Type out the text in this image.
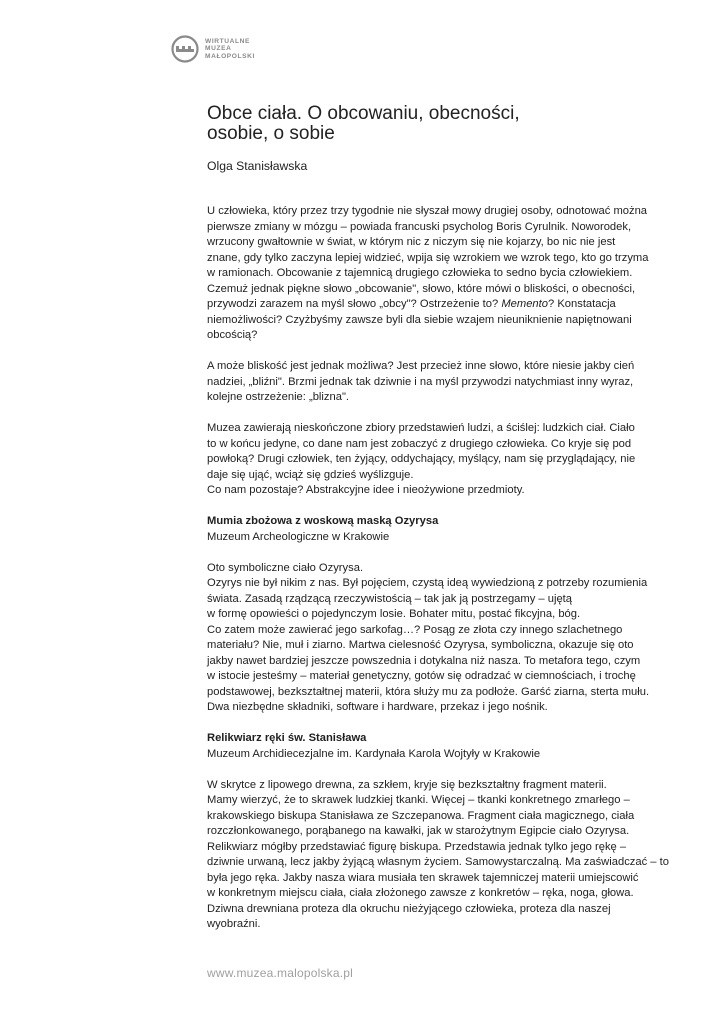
WIRTUALNE
MUZEA
MAŁOPOLSKI
Obce ciała. O obcowaniu, obecności,
osobie, o sobie
Olga Stanisławska
U człowieka, który przez trzy tygodnie nie słyszał mowy drugiej osoby, odnotować można
pierwsze zmiany w mózgu – powiada francuski psycholog Boris Cyrulnik. Noworodek,
wrzucony gwałtownie w świat, w którym nic z niczym się nie kojarzy, bo nic nie jest
znane, gdy tylko zaczyna lepiej widzieć, wpija się wzrokiem we wzrok tego, kto go trzyma
w ramionach. Obcowanie z tajemnicą drugiego człowieka to sedno bycia człowiekiem.
Czemuż jednak piękne słowo „obcowanie", słowo, które mówi o bliskości, o obecności,
przywodzi zarazem na myśl słowo „obcy"? Ostrzeżenie to? Memento? Konstatacja
niemożliwości? Czyżbyśmy zawsze byli dla siebie wzajem nieuniknienie napiętnowani
obcością?
A może bliskość jest jednak możliwa? Jest przecież inne słowo, które niesie jakby cień
nadziei, „bliźni". Brzmi jednak tak dziwnie i na myśl przywodzi natychmiast inny wyraz,
kolejne ostrzeżenie: „blizna".
Muzea zawierają nieskończone zbiory przedstawień ludzi, a ściślej: ludzkich ciał. Ciało
to w końcu jedyne, co dane nam jest zobaczyć z drugiego człowieka. Co kryje się pod
powłoką? Drugi człowiek, ten żyjący, oddychający, myślący, nam się przyglądający, nie
daje się ująć, wciąż się gdzieś wyślizguje.
Co nam pozostaje? Abstrakcyjne idee i nieożywione przedmioty.
Mumia zbożowa z woskową maską Ozyrysa
Muzeum Archeologiczne w Krakowie
Oto symboliczne ciało Ozyrysa.
Ozyrys nie był nikim z nas. Był pojęciem, czystą ideą wywiedzioną z potrzeby rozumienia
świata. Zasadą rządzącą rzeczywistością – tak jak ją postrzegamy – ujętą
w formę opowieści o pojedynczym losie. Bohater mitu, postać fikcyjna, bóg.
Co zatem może zawierać jego sarkofag…? Posąg ze złota czy innego szlachetnego
materiału? Nie, muł i ziarno. Martwa cielesność Ozyrysa, symboliczna, okazuje się oto
jakby nawet bardziej jeszcze powszednia i dotykalna niż nasza. To metafora tego, czym
w istocie jesteśmy – materiał genetyczny, gotów się odradzać w ciemnościach, i trochę
podstawowej, bezkształtnej materii, która służy mu za podłoże. Garść ziarna, sterta mułu.
Dwa niezbędne składniki, software i hardware, przekaz i jego nośnik.
Relikwiarz ręki św. Stanisława
Muzeum Archidiecezjalne im. Kardynała Karola Wojtyły w Krakowie
W skrytce z lipowego drewna, za szkłem, kryje się bezkształtny fragment materii.
Mamy wierzyć, że to skrawek ludzkiej tkanki. Więcej – tkanki konkretnego zmarłego –
krakowskiego biskupa Stanisława ze Szczepanowa. Fragment ciała magicznego, ciała
rozczłonkowanego, porąbanego na kawałki, jak w starożytnym Egipcie ciało Ozyrysa.
Relikwiarz mógłby przedstawiać figurę biskupa. Przedstawia jednak tylko jego rękę –
dziwnie urwaną, lecz jakby żyjącą własnym życiem. Samowystarczalną. Ma zaświadczać – to
była jego ręka. Jakby nasza wiara musiała ten skrawek tajemniczej materii umiejscowić
w konkretnym miejscu ciała, ciała złożonego zawsze z konkretów – ręka, noga, głowa.
Dziwna drewniana proteza dla okruchu nieżyjącego człowieka, proteza dla naszej
wyobraźni.
www.muzea.malopolska.pl
